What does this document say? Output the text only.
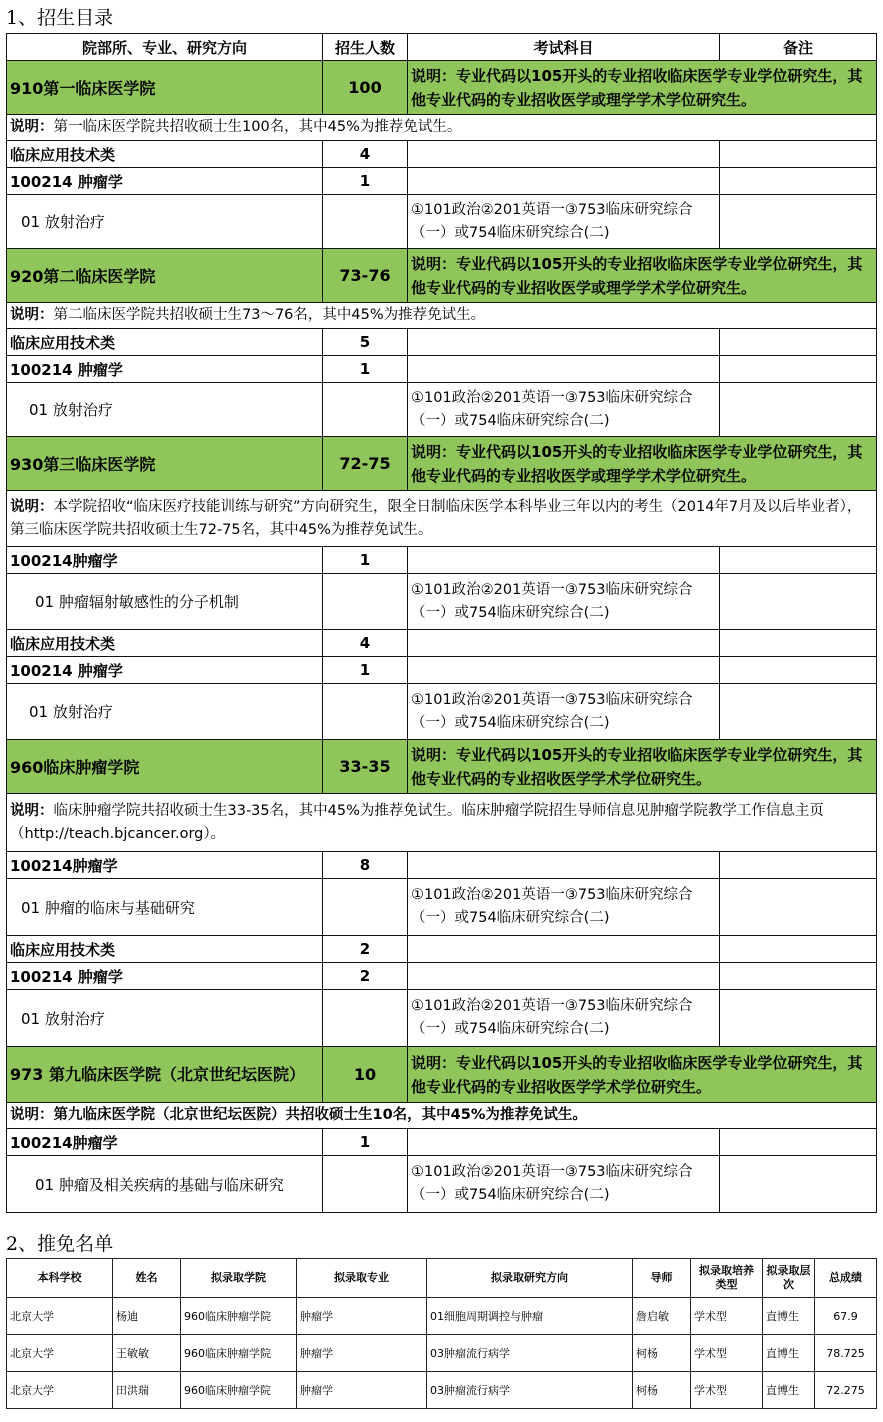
1、招生目录
院部所、专业、研究方向	招生人数	考试科目	备注
910第一临床医学院	100	说明：专业代码以105开头的专业招收临床医学专业学位研究生，其他专业代码的专业招收医学或理学学术学位研究生。	
说明：第一临床医学院共招收硕士生100名，其中45%为推荐免试生。			
临床应用技术类	4		
100214 肿瘤学	1		
01 放射治疗		①101政治②201英语一③753临床研究综合（一）或754临床研究综合(二)	
920第二临床医学院	73-76	说明：专业代码以105开头的专业招收临床医学专业学位研究生，其他专业代码的专业招收医学或理学学术学位研究生。	
说明：第二临床医学院共招收硕士生73～76名，其中45%为推荐免试生。			
临床应用技术类	5		
100214 肿瘤学	1		
01 放射治疗		①101政治②201英语一③753临床研究综合（一）或754临床研究综合(二)	
930第三临床医学院	72-75	说明：专业代码以105开头的专业招收临床医学专业学位研究生，其他专业代码的专业招收医学或理学学术学位研究生。	
说明：本学院招收“临床医疗技能训练与研究”方向研究生，限全日制临床医学本科毕业三年以内的考生（2014年7月及以后毕业者），第三临床医学院共招收硕士生72-75名，其中45%为推荐免试生。			
100214肿瘤学	1		
01 肿瘤辐射敏感性的分子机制		①101政治②201英语一③753临床研究综合（一）或754临床研究综合(二)	
临床应用技术类	4		
100214 肿瘤学	1		
01 放射治疗		①101政治②201英语一③753临床研究综合（一）或754临床研究综合(二)	
960临床肿瘤学院	33-35	说明：专业代码以105开头的专业招收临床医学专业学位研究生，其他专业代码的专业招收医学学术学位研究生。	
说明：临床肿瘤学院共招收硕士生33-35名，其中45%为推荐免试生。临床肿瘤学院招生导师信息见肿瘤学院教学工作信息主页（http://teach.bjcancer.org）。			
100214肿瘤学	8		
01 肿瘤的临床与基础研究		①101政治②201英语一③753临床研究综合（一）或754临床研究综合(二)	
临床应用技术类	2		
100214 肿瘤学	2		
01 放射治疗		①101政治②201英语一③753临床研究综合（一）或754临床研究综合(二)	
973 第九临床医学院（北京世纪坛医院）	10	说明：专业代码以105开头的专业招收临床医学专业学位研究生，其他专业代码的专业招收医学学术学位研究生。	
说明：第九临床医学院（北京世纪坛医院）共招收硕士生10名，其中45%为推荐免试生。			
100214肿瘤学	1		
01 肿瘤及相关疾病的基础与临床研究		①101政治②201英语一③753临床研究综合（一）或754临床研究综合(二)	
2、推免名单
本科学校	姓名	拟录取学院	拟录取专业	拟录取研究方向	导师	拟录取培养类型	拟录取层次	总成绩
北京大学	杨迪	960临床肿瘤学院	肿瘤学	01细胞周期调控与肿瘤	詹启敏	学术型	直博生	67.9
北京大学	王敏敏	960临床肿瘤学院	肿瘤学	03肿瘤流行病学	柯杨	学术型	直博生	78.725
北京大学	田洪瑞	960临床肿瘤学院	肿瘤学	03肿瘤流行病学	柯杨	学术型	直博生	72.275
